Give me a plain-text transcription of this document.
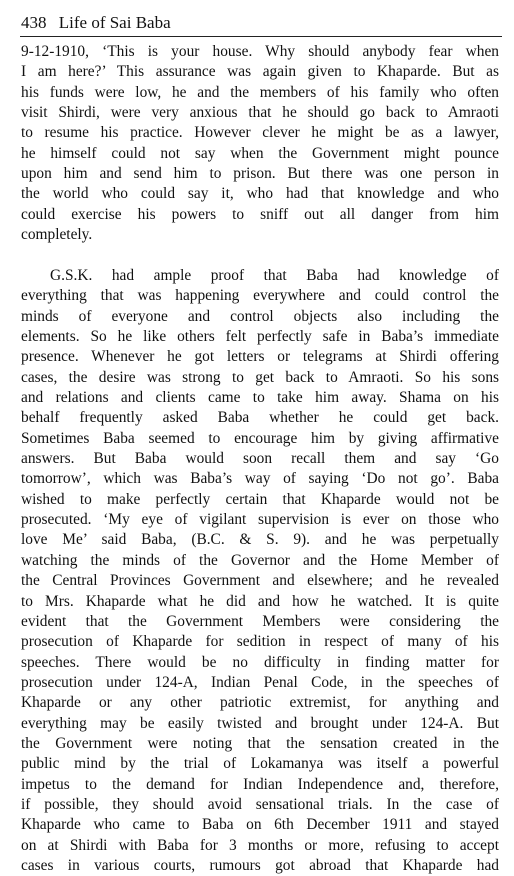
438 Life of Sai Baba
9-12-1910, ‘This is your house. Why should anybody fear when
I am here?’ This assurance was again given to Khaparde. But as
his funds were low, he and the members of his family who often
visit Shirdi, were very anxious that he should go back to Amraoti
to resume his practice. However clever he might be as a lawyer,
he himself could not say when the Government might pounce
upon him and send him to prison. But there was one person in
the world who could say it, who had that knowledge and who
could exercise his powers to sniff out all danger from him
completely.
G.S.K. had ample proof that Baba had knowledge of
everything that was happening everywhere and could control the
minds of everyone and control objects also including the
elements. So he like others felt perfectly safe in Baba’s immediate
presence. Whenever he got letters or telegrams at Shirdi offering
cases, the desire was strong to get back to Amraoti. So his sons
and relations and clients came to take him away. Shama on his
behalf frequently asked Baba whether he could get back.
Sometimes Baba seemed to encourage him by giving affirmative
answers. But Baba would soon recall them and say ‘Go
tomorrow’, which was Baba’s way of saying ‘Do not go’. Baba
wished to make perfectly certain that Khaparde would not be
prosecuted. ‘My eye of vigilant supervision is ever on those who
love Me’ said Baba, (B.C. & S. 9). and he was perpetually
watching the minds of the Governor and the Home Member of
the Central Provinces Government and elsewhere; and he revealed
to Mrs. Khaparde what he did and how he watched. It is quite
evident that the Government Members were considering the
prosecution of Khaparde for sedition in respect of many of his
speeches. There would be no difficulty in finding matter for
prosecution under 124-A, Indian Penal Code, in the speeches of
Khaparde or any other patriotic extremist, for anything and
everything may be easily twisted and brought under 124-A. But
the Government were noting that the sensation created in the
public mind by the trial of Lokamanya was itself a powerful
impetus to the demand for Indian Independence and, therefore,
if possible, they should avoid sensational trials. In the case of
Khaparde who came to Baba on 6th December 1911 and stayed
on at Shirdi with Baba for 3 months or more, refusing to accept
cases in various courts, rumours got abroad that Khaparde had
